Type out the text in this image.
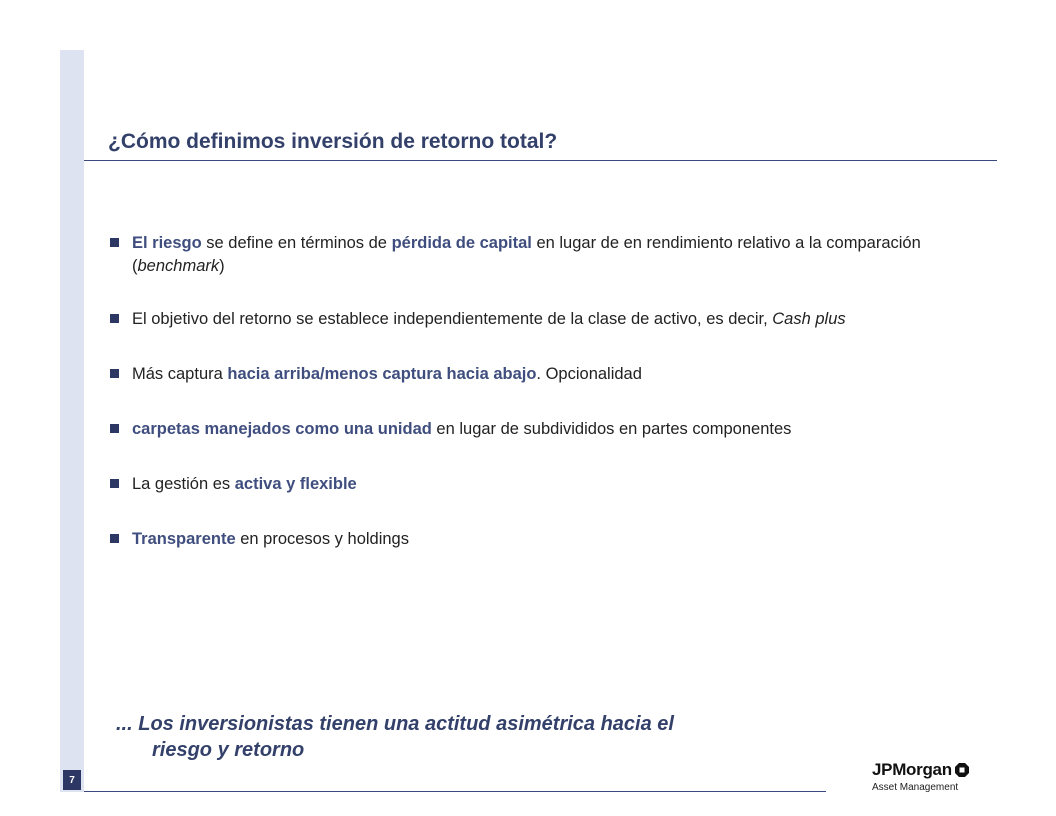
¿Cómo definimos inversión de retorno total?
El riesgo se define en términos de pérdida de capital en lugar de en rendimiento relativo a la comparación (benchmark)
El objetivo del retorno se establece independientemente de la clase de activo, es decir, Cash plus
Más captura hacia arriba/menos captura hacia abajo. Opcionalidad
carpetas manejados como una unidad en lugar de subdivididos en partes componentes
La gestión es activa y flexible
Transparente en procesos y holdings
... Los inversionistas tienen una actitud asimétrica hacia el
riesgo y retorno
7
JPMorgan
Asset Management
